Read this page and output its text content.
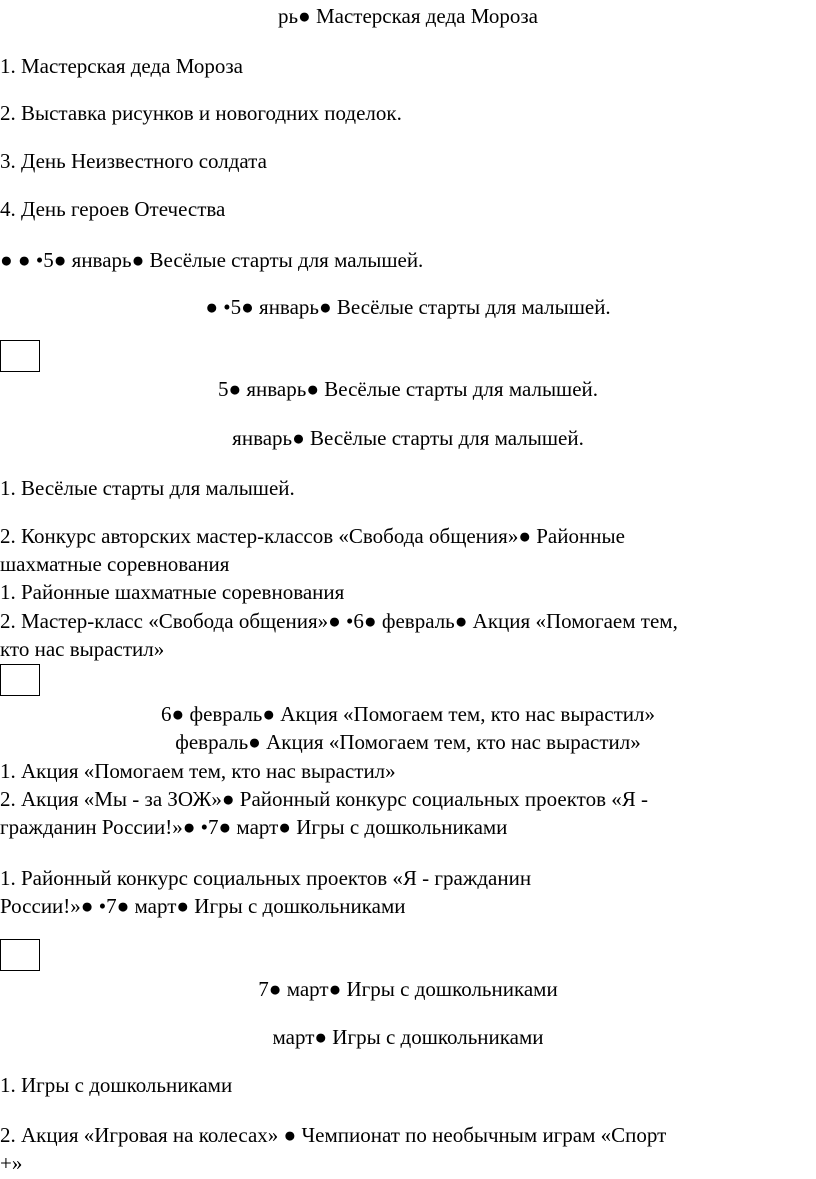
рь● Мастерская деда Мороза

1. Мастерская деда Мороза

2. Выставка рисунков и новогодних поделок.

3. День Неизвестного солдата

4. День героев Отечества

● ● •5● январь● Весёлые старты для малышей.

● •5● январь● Весёлые старты для малышей.

5● январь● Весёлые старты для малышей.

январь● Весёлые старты для малышей.

1. Весёлые старты для малышей.

2. Конкурс авторских мастер-классов «Свобода общения»● Районные

шахматные соревнования

1. Районные шахматные соревнования

2. Мастер-класс «Свобода общения»● •6● февраль● Акция «Помогаем тем,

кто нас вырастил»

6● февраль● Акция «Помогаем тем, кто нас вырастил»

февраль● Акция «Помогаем тем, кто нас вырастил»

1. Акция «Помогаем тем, кто нас вырастил»

2. Акция «Мы - за ЗОЖ»● Районный конкурс социальных проектов «Я -

гражданин России!»● •7● март● Игры с дошкольниками

1. Районный конкурс социальных проектов «Я - гражданин

России!»● •7● март● Игры с дошкольниками

7● март● Игры с дошкольниками

март● Игры с дошкольниками

1. Игры с дошкольниками

2. Акция «Игровая на колесах» ● Чемпионат по необычным играм «Спорт

+»
